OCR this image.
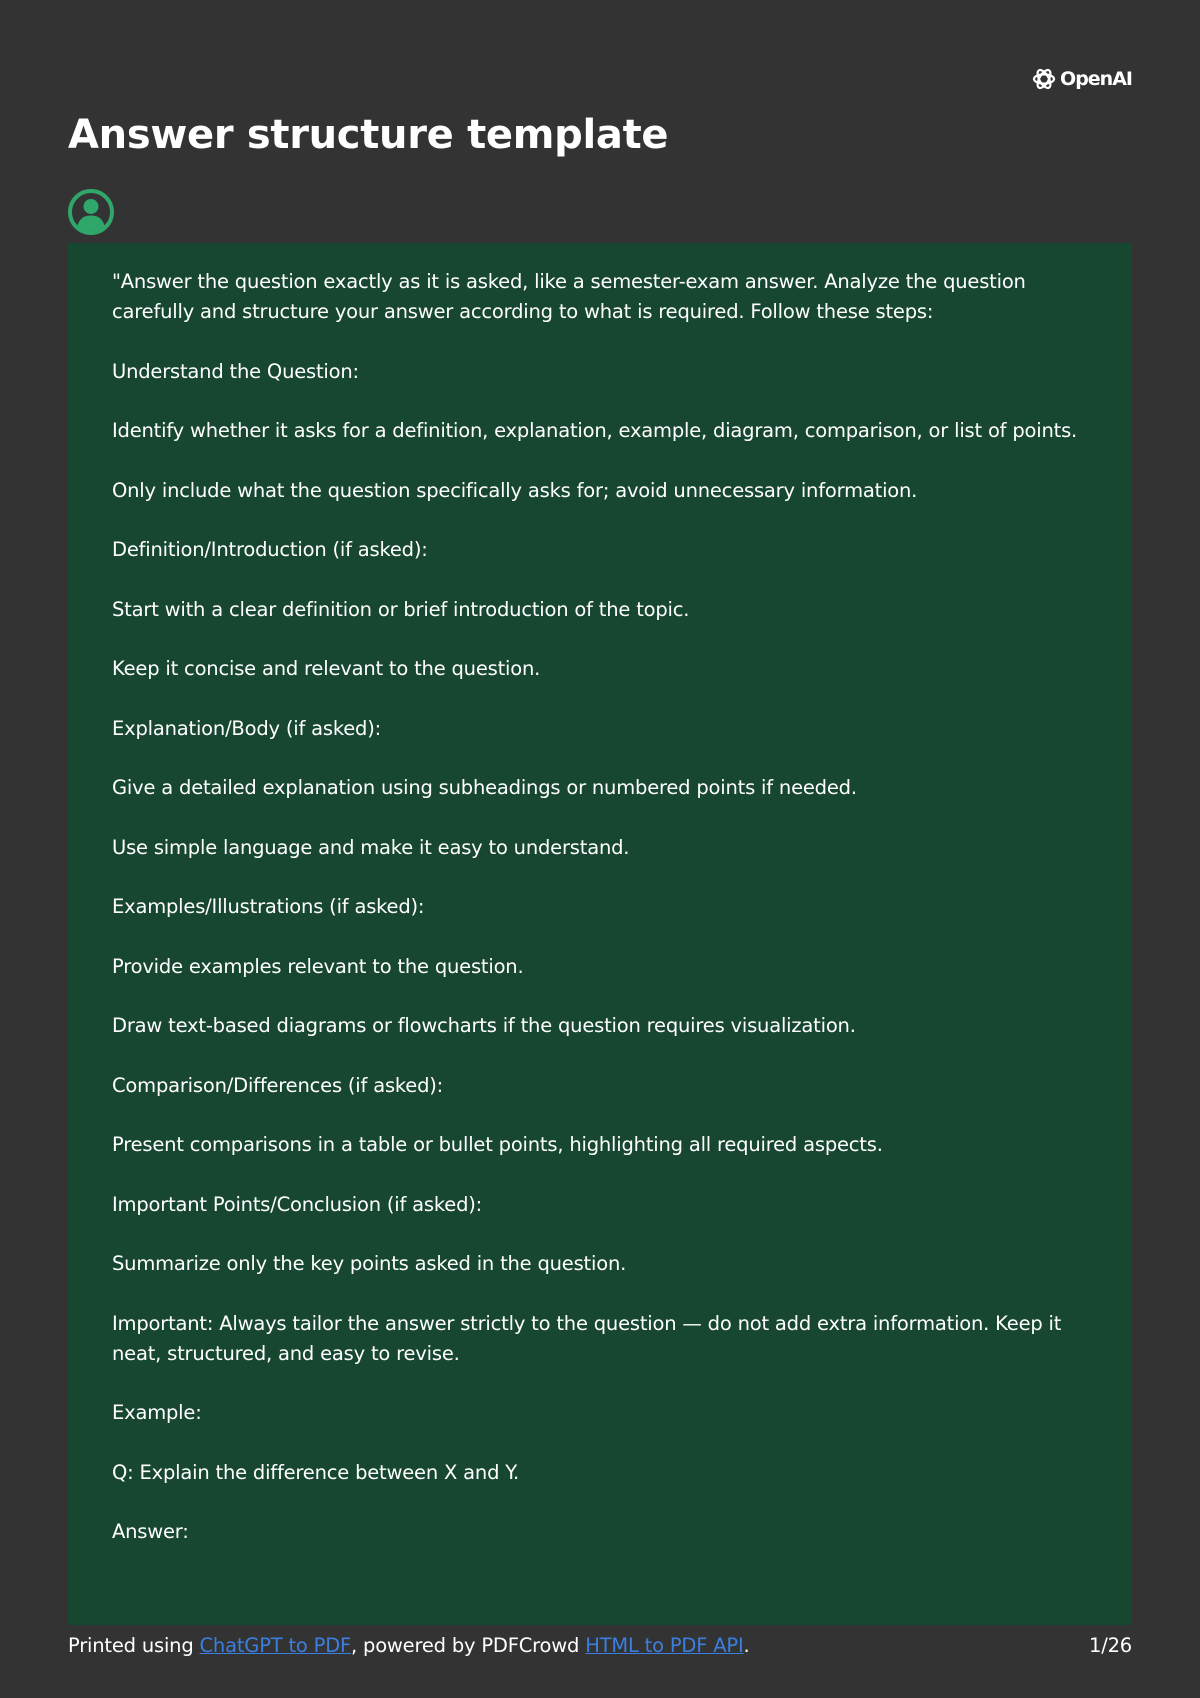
OpenAI
Answer structure template

"Answer the question exactly as it is asked, like a semester-exam answer. Analyze the question carefully and structure your answer according to what is required. Follow these steps:

Understand the Question:

Identify whether it asks for a definition, explanation, example, diagram, comparison, or list of points.

Only include what the question specifically asks for; avoid unnecessary information.

Definition/Introduction (if asked):

Start with a clear definition or brief introduction of the topic.

Keep it concise and relevant to the question.

Explanation/Body (if asked):

Give a detailed explanation using subheadings or numbered points if needed.

Use simple language and make it easy to understand.

Examples/Illustrations (if asked):

Provide examples relevant to the question.

Draw text-based diagrams or flowcharts if the question requires visualization.

Comparison/Differences (if asked):

Present comparisons in a table or bullet points, highlighting all required aspects.

Important Points/Conclusion (if asked):

Summarize only the key points asked in the question.

Important: Always tailor the answer strictly to the question — do not add extra information. Keep it neat, structured, and easy to revise.

Example:

Q: Explain the difference between X and Y.

Answer:

Printed using ChatGPT to PDF, powered by PDFCrowd HTML to PDF API.	1/26
